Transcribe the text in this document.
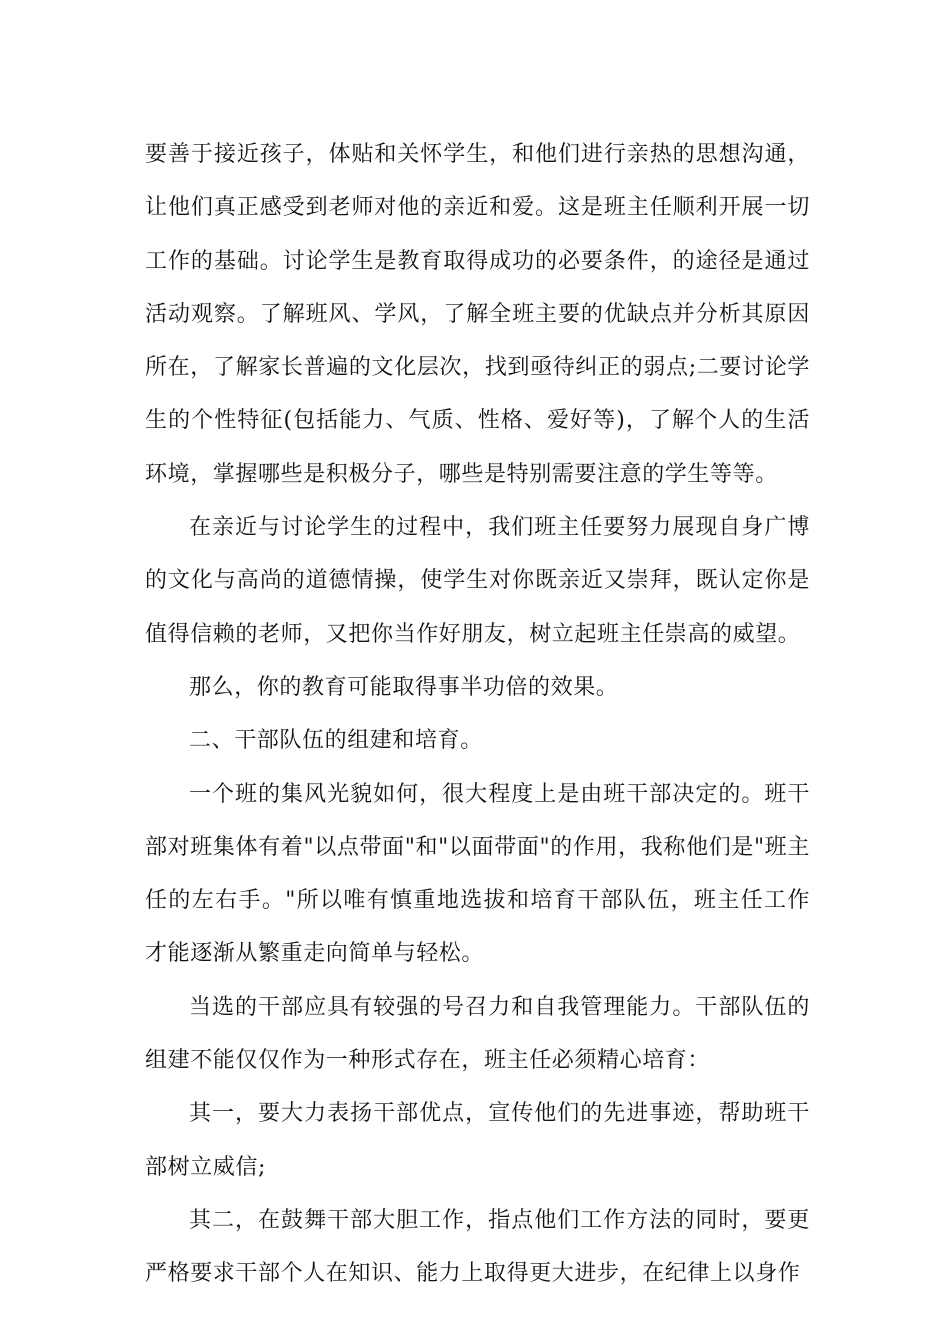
要善于接近孩子，体贴和关怀学生，和他们进行亲热的思想沟通，让他们真正感受到老师对他的亲近和爱。这是班主任顺利开展一切工作的基础。讨论学生是教育取得成功的必要条件，的途径是通过活动观察。了解班风、学风，了解全班主要的优缺点并分析其原因所在，了解家长普遍的文化层次，找到亟待纠正的弱点;二要讨论学生的个性特征(包括能力、气质、性格、爱好等)，了解个人的生活环境，掌握哪些是积极分子，哪些是特别需要注意的学生等等。

在亲近与讨论学生的过程中，我们班主任要努力展现自身广博的文化与高尚的道德情操，使学生对你既亲近又崇拜，既认定你是值得信赖的老师，又把你当作好朋友，树立起班主任崇高的威望。

那么，你的教育可能取得事半功倍的效果。

二、干部队伍的组建和培育。

一个班的集风光貌如何，很大程度上是由班干部决定的。班干部对班集体有着"以点带面"和"以面带面"的作用，我称他们是"班主任的左右手。"所以唯有慎重地选拔和培育干部队伍，班主任工作才能逐渐从繁重走向简单与轻松。

当选的干部应具有较强的号召力和自我管理能力。干部队伍的组建不能仅仅作为一种形式存在，班主任必须精心培育：

其一，要大力表扬干部优点，宣传他们的先进事迹，帮助班干部树立威信;

其二，在鼓舞干部大胆工作，指点他们工作方法的同时，要更严格要求干部个人在知识、能力上取得更大进步，在纪律上以身作
